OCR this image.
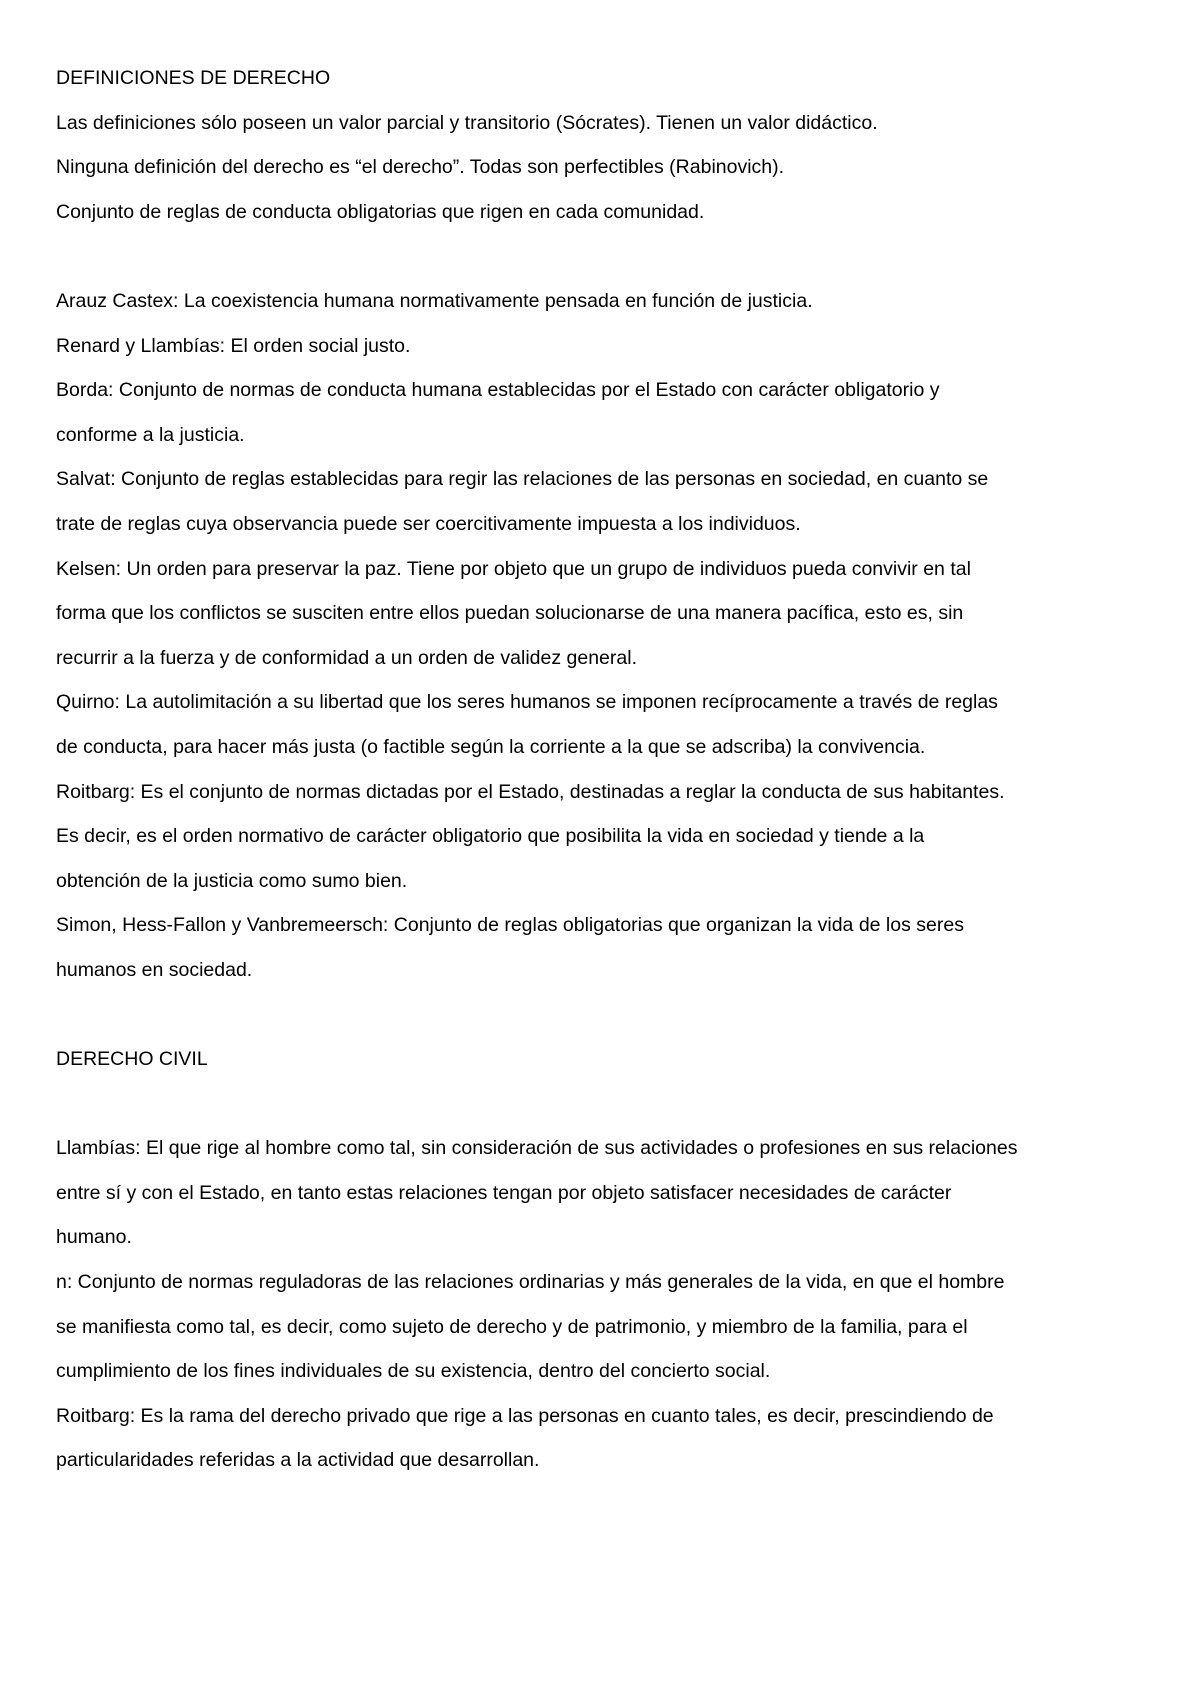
DEFINICIONES DE DERECHO
Las definiciones sólo poseen un valor parcial y transitorio (Sócrates). Tienen un valor didáctico.
Ninguna definición del derecho es “el derecho”. Todas son perfectibles (Rabinovich).
Conjunto de reglas de conducta obligatorias que rigen en cada comunidad.
Arauz Castex: La coexistencia humana normativamente pensada en función de justicia.
Renard y Llambías: El orden social justo.
Borda: Conjunto de normas de conducta humana establecidas por el Estado con carácter obligatorio y
conforme a la justicia.
Salvat: Conjunto de reglas establecidas para regir las relaciones de las personas en sociedad, en cuanto se
trate de reglas cuya observancia puede ser coercitivamente impuesta a los individuos.
Kelsen: Un orden para preservar la paz. Tiene por objeto que un grupo de individuos pueda convivir en tal
forma que los conflictos se susciten entre ellos puedan solucionarse de una manera pacífica, esto es, sin
recurrir a la fuerza y de conformidad a un orden de validez general.
Quirno: La autolimitación a su libertad que los seres humanos se imponen recíprocamente a través de reglas
de conducta, para hacer más justa (o factible según la corriente a la que se adscriba) la convivencia.
Roitbarg: Es el conjunto de normas dictadas por el Estado, destinadas a reglar la conducta de sus habitantes.
Es decir, es el orden normativo de carácter obligatorio que posibilita la vida en sociedad y tiende a la
obtención de la justicia como sumo bien.
Simon, Hess-Fallon y Vanbremeersch: Conjunto de reglas obligatorias que organizan la vida de los seres
humanos en sociedad.
DERECHO CIVIL
Llambías: El que rige al hombre como tal, sin consideración de sus actividades o profesiones en sus relaciones
entre sí y con el Estado, en tanto estas relaciones tengan por objeto satisfacer necesidades de carácter
humano.
n: Conjunto de normas reguladoras de las relaciones ordinarias y más generales de la vida, en que el hombre
se manifiesta como tal, es decir, como sujeto de derecho y de patrimonio, y miembro de la familia, para el
cumplimiento de los fines individuales de su existencia, dentro del concierto social.
Roitbarg: Es la rama del derecho privado que rige a las personas en cuanto tales, es decir, prescindiendo de
particularidades referidas a la actividad que desarrollan.
